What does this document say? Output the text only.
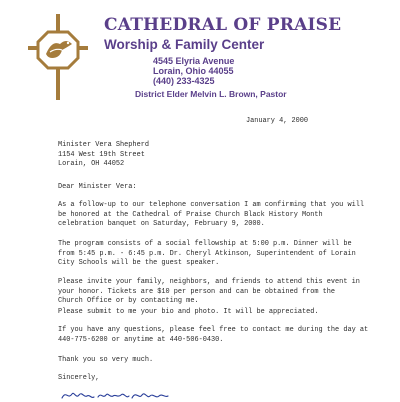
CATHEDRAL OF PRAISE
Worship & Family Center
4545 Elyria Avenue
Lorain, Ohio 44055
(440) 233-4325
District Elder Melvin L. Brown, Pastor
January 4, 2000
Minister Vera Shepherd
1154 West 19th Street
Lorain, OH 44052
Dear Minister Vera:
As a follow-up to our telephone conversation I am confirming that you will
be honored at the Cathedral of Praise Church Black History Month
celebration banquet on Saturday, February 9, 2000.
The program consists of a social fellowship at 5:00 p.m. Dinner will be
from 5:45 p.m. - 6:45 p.m. Dr. Cheryl Atkinson, Superintendent of Lorain
City Schools will be the guest speaker.
Please invite your family, neighbors, and friends to attend this event in
your honor. Tickets are $10 per person and can be obtained from the
Church Office or by contacting me.
Please submit to me your bio and photo. It will be appreciated.
If you have any questions, please feel free to contact me during the day at
440-775-6200 or anytime at 440-506-0430.
Thank you so very much.
Sincerely,
